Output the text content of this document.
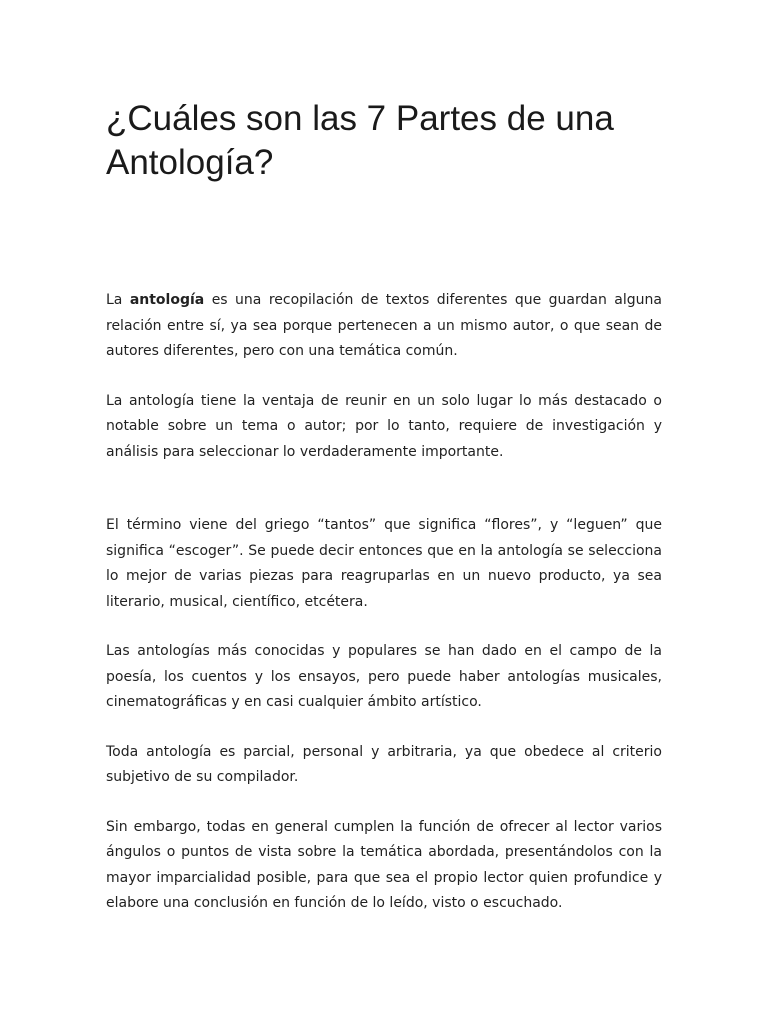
¿Cuáles son las 7 Partes de una Antología?

La antología es una recopilación de textos diferentes que guardan alguna relación entre sí, ya sea porque pertenecen a un mismo autor, o que sean de autores diferentes, pero con una temática común.

La antología tiene la ventaja de reunir en un solo lugar lo más destacado o notable sobre un tema o autor; por lo tanto, requiere de investigación y análisis para seleccionar lo verdaderamente importante.

El término viene del griego “tantos” que significa “flores”, y “leguen” que significa “escoger”. Se puede decir entonces que en la antología se selecciona lo mejor de varias piezas para reagruparlas en un nuevo producto, ya sea literario, musical, científico, etcétera.

Las antologías más conocidas y populares se han dado en el campo de la poesía, los cuentos y los ensayos, pero puede haber antologías musicales, cinematográficas y en casi cualquier ámbito artístico.

Toda antología es parcial, personal y arbitraria, ya que obedece al criterio subjetivo de su compilador.

Sin embargo, todas en general cumplen la función de ofrecer al lector varios ángulos o puntos de vista sobre la temática abordada, presentándolos con la mayor imparcialidad posible, para que sea el propio lector quien profundice y elabore una conclusión en función de lo leído, visto o escuchado.
